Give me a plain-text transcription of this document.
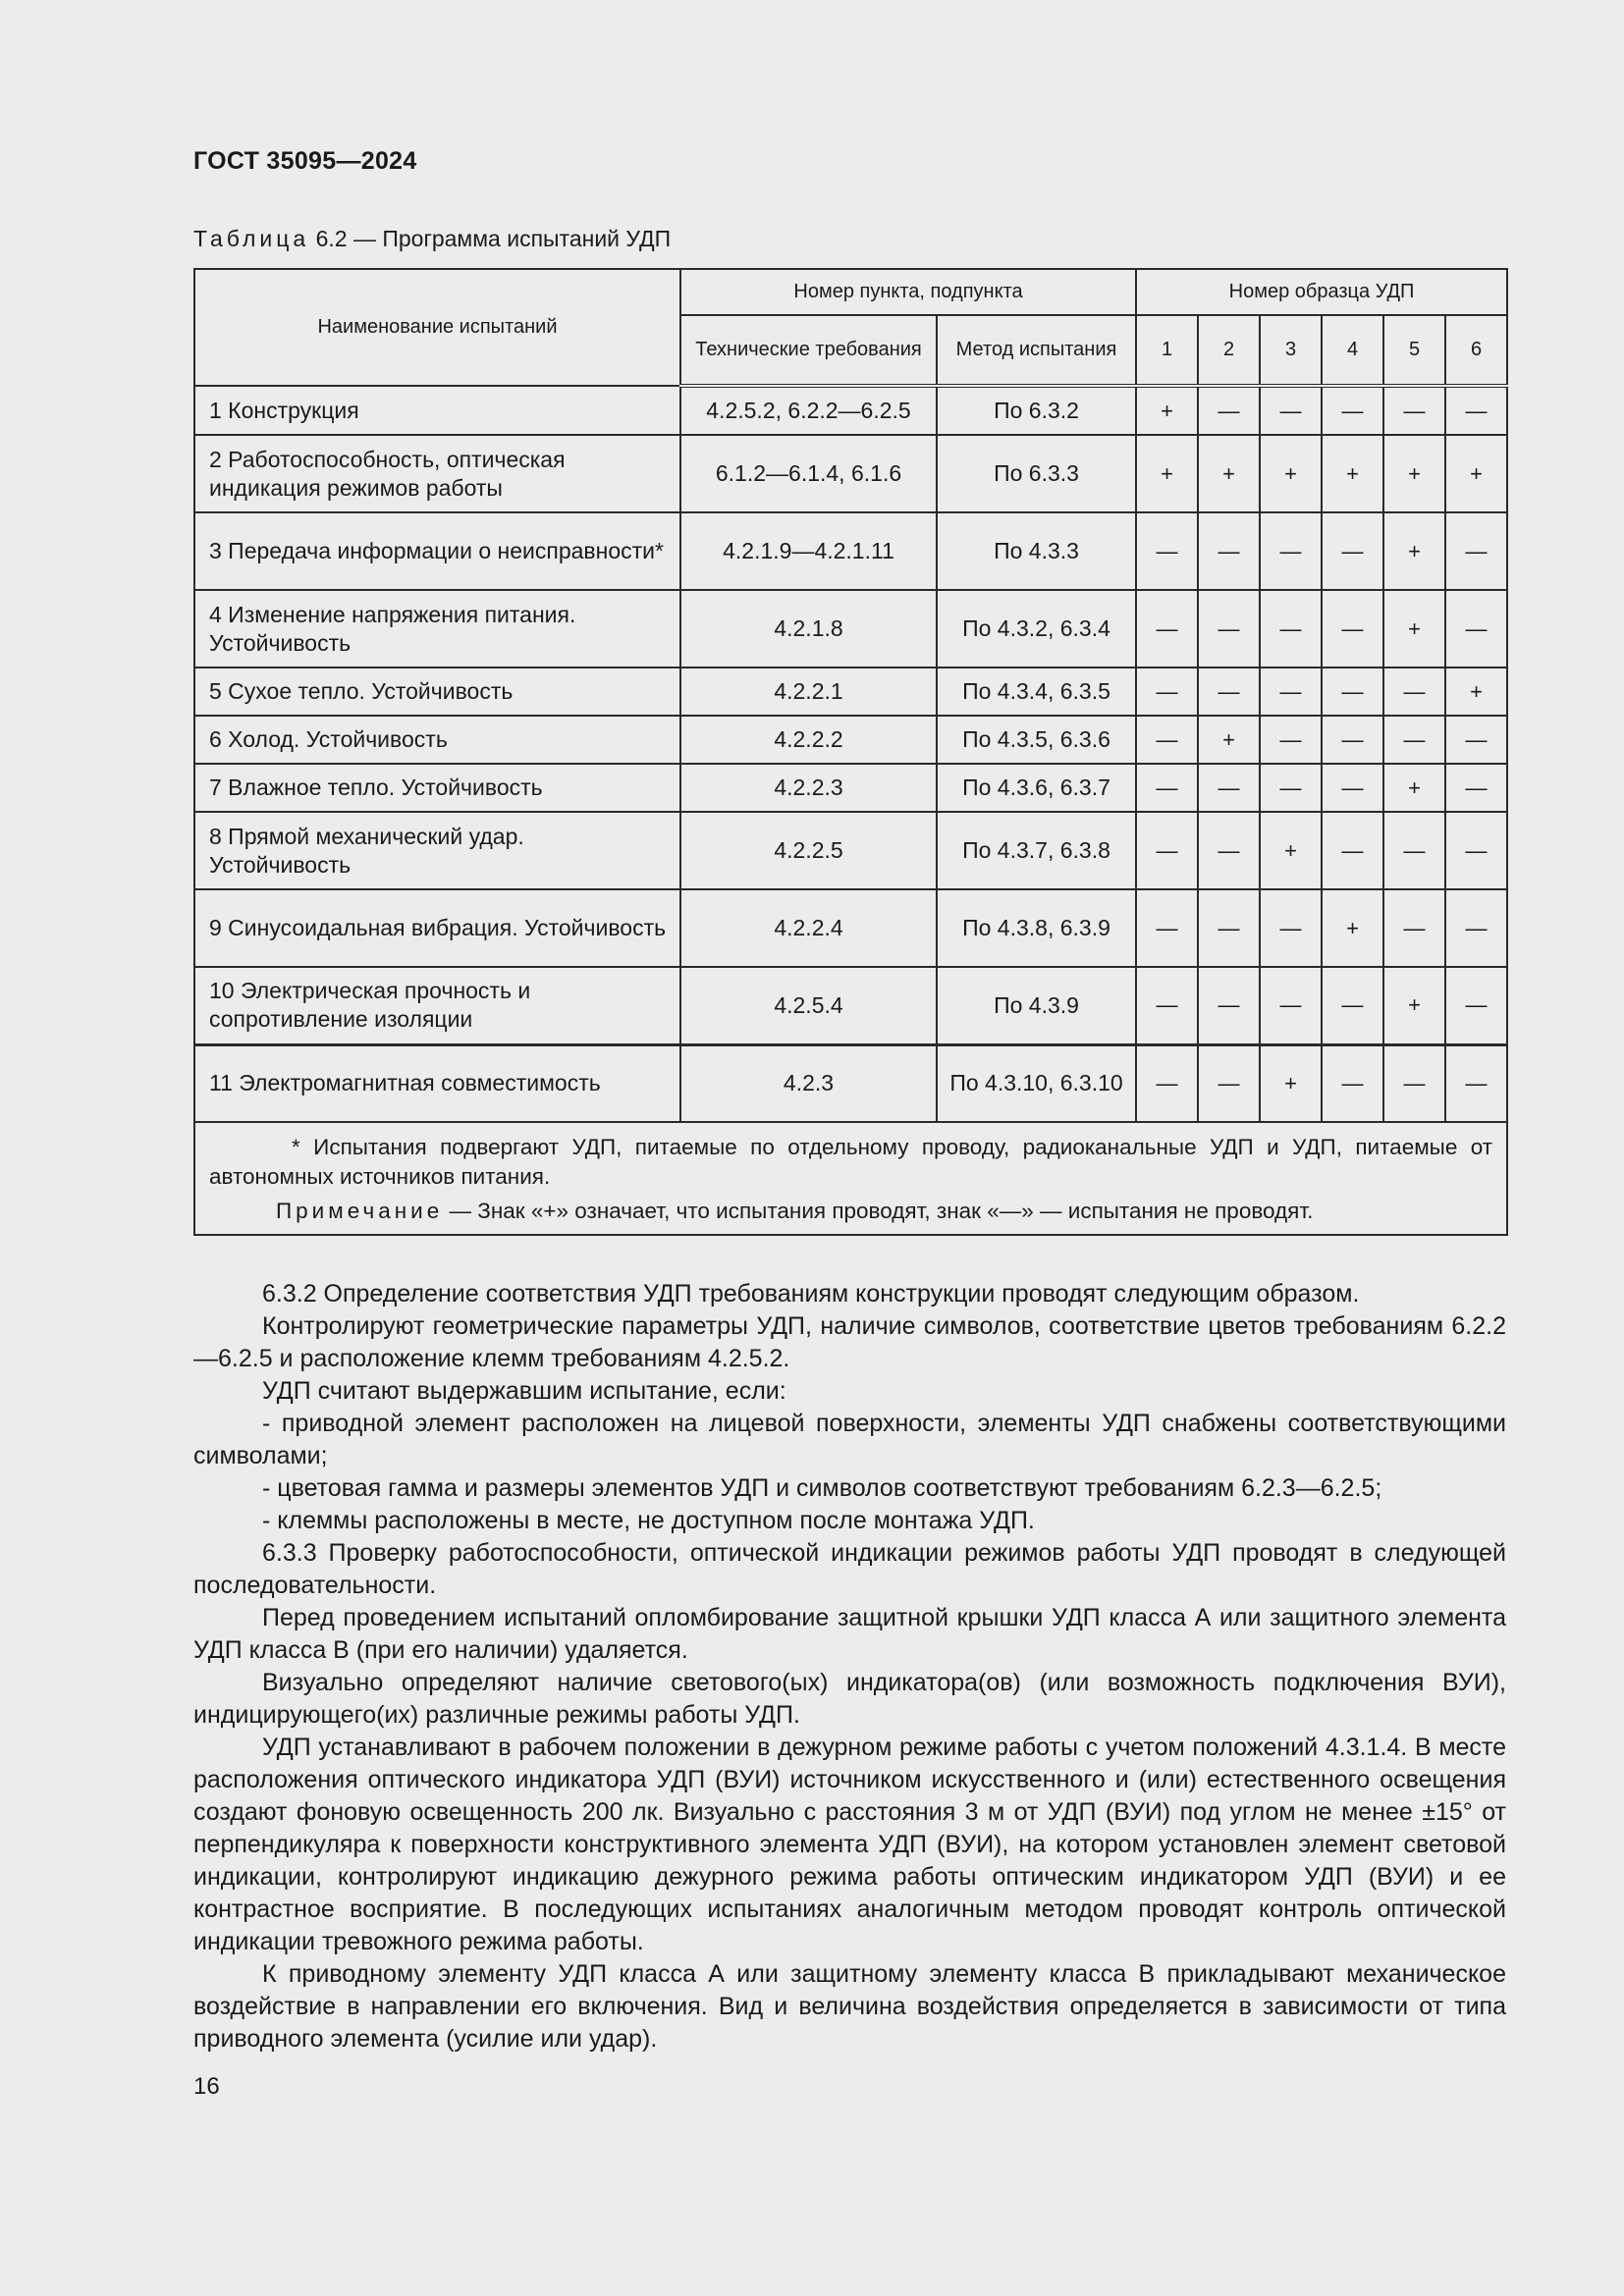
ГОСТ 35095—2024
Таблица 6.2 — Программа испытаний УДП
Наименование испытаний	Номер пункта, подпункта		Номер образца УДП					
	Технические требования	Метод испытания	1	2	3	4	5	6
1 Конструкция	4.2.5.2, 6.2.2—6.2.5	По 6.3.2	+	—	—	—	—	—
2 Работоспособность, оптическая индикация режимов работы	6.1.2—6.1.4, 6.1.6	По 6.3.3	+	+	+	+	+	+
3 Передача информации о неисправности*	4.2.1.9—4.2.1.11	По 4.3.3	—	—	—	—	+	—
4 Изменение напряжения питания. Устойчивость	4.2.1.8	По 4.3.2, 6.3.4	—	—	—	—	+	—
5 Сухое тепло. Устойчивость	4.2.2.1	По 4.3.4, 6.3.5	—	—	—	—	—	+
6 Холод. Устойчивость	4.2.2.2	По 4.3.5, 6.3.6	—	+	—	—	—	—
7 Влажное тепло. Устойчивость	4.2.2.3	По 4.3.6, 6.3.7	—	—	—	—	+	—
8 Прямой механический удар. Устойчивость	4.2.2.5	По 4.3.7, 6.3.8	—	—	+	—	—	—
9 Синусоидальная вибрация. Устойчивость	4.2.2.4	По 4.3.8, 6.3.9	—	—	—	+	—	—
10 Электрическая прочность и сопротивление изоляции	4.2.5.4	По 4.3.9	—	—	—	—	+	—
11 Электромагнитная совместимость	4.2.3	По 4.3.10, 6.3.10	—	—	+	—	—	—

* Испытания подвергают УДП, питаемые по отдельному проводу, радиоканальные УДП и УДП, питаемые от автономных источников питания.
Примечание — Знак «+» означает, что испытания проводят, знак «—» — испытания не проводят.								

6.3.2 Определение соответствия УДП требованиям конструкции проводят следующим образом.

Контролируют геометрические параметры УДП, наличие символов, соответствие цветов требованиям 6.2.2—6.2.5 и расположение клемм требованиям 4.2.5.2.

УДП считают выдержавшим испытание, если:

- приводной элемент расположен на лицевой поверхности, элементы УДП снабжены соответствующими символами;

- цветовая гамма и размеры элементов УДП и символов соответствуют требованиям 6.2.3—6.2.5;

- клеммы расположены в месте, не доступном после монтажа УДП.

6.3.3 Проверку работоспособности, оптической индикации режимов работы УДП проводят в следующей последовательности.

Перед проведением испытаний опломбирование защитной крышки УДП класса А или защитного элемента УДП класса В (при его наличии) удаляется.

Визуально определяют наличие светового(ых) индикатора(ов) (или возможность подключения ВУИ), индицирующего(их) различные режимы работы УДП.

УДП устанавливают в рабочем положении в дежурном режиме работы с учетом положений 4.3.1.4. В месте расположения оптического индикатора УДП (ВУИ) источником искусственного и (или) естественного освещения создают фоновую освещенность 200 лк. Визуально с расстояния 3 м от УДП (ВУИ) под углом не менее ±15° от перпендикуляра к поверхности конструктивного элемента УДП (ВУИ), на котором установлен элемент световой индикации, контролируют индикацию дежурного режима работы оптическим индикатором УДП (ВУИ) и ее контрастное восприятие. В последующих испытаниях аналогичным методом проводят контроль оптической индикации тревожного режима работы.

К приводному элементу УДП класса А или защитному элементу класса В прикладывают механическое воздействие в направлении его включения. Вид и величина воздействия определяется в зависимости от типа приводного элемента (усилие или удар).

16
